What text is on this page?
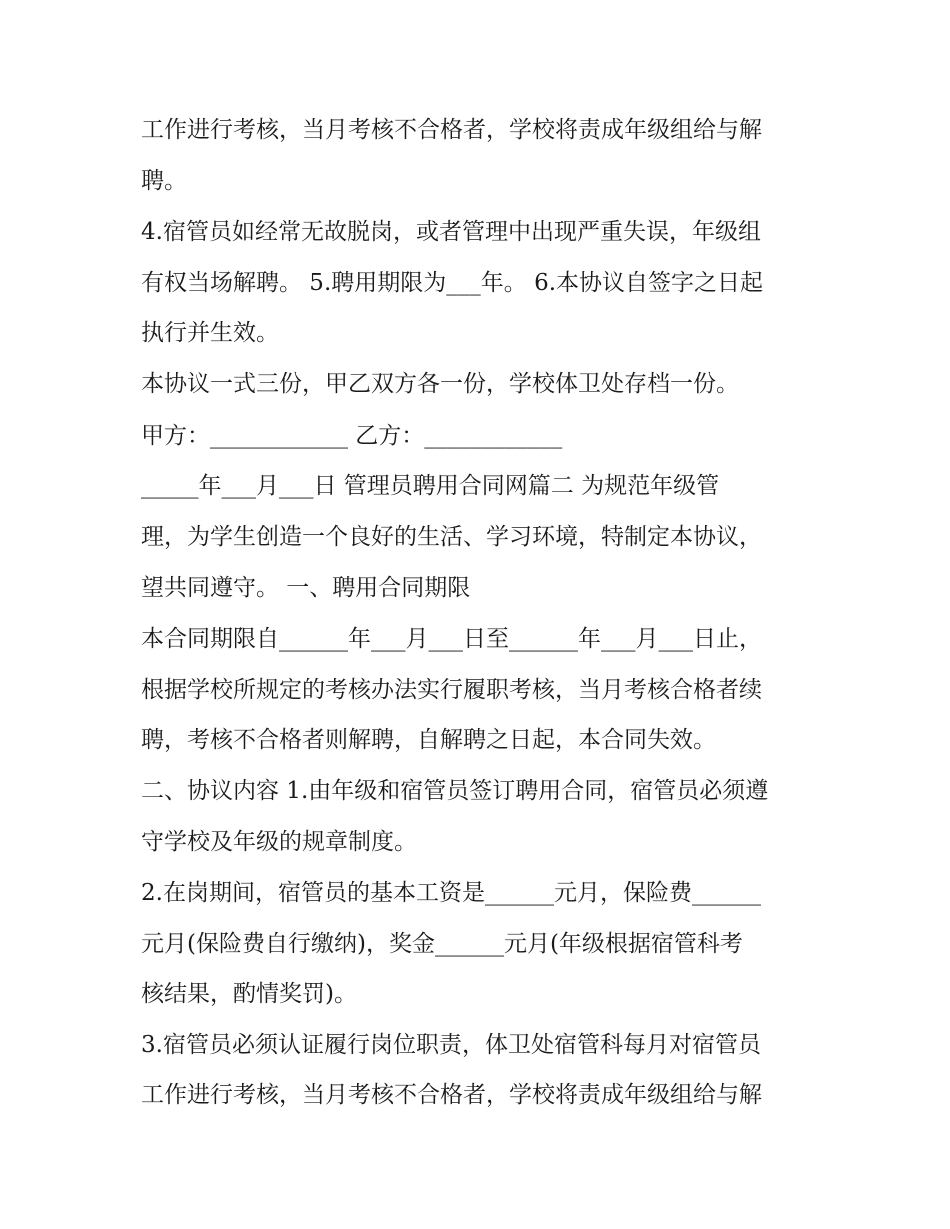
工作进行考核，当月考核不合格者，学校将责成年级组给与解
聘。
4.宿管员如经常无故脱岗，或者管理中出现严重失误，年级组
有权当场解聘。 5.聘用期限为___年。 6.本协议自签字之日起
执行并生效。
本协议一式三份，甲乙双方各一份，学校体卫处存档一份。
甲方：____________ 乙方：____________
_____年___月___日 管理员聘用合同网篇二 为规范年级管
理，为学生创造一个良好的生活、学习环境，特制定本协议，
望共同遵守。 一、聘用合同期限
本合同期限自______年___月___日至______年___月___日止，
根据学校所规定的考核办法实行履职考核，当月考核合格者续
聘，考核不合格者则解聘，自解聘之日起，本合同失效。
二、协议内容 1.由年级和宿管员签订聘用合同，宿管员必须遵
守学校及年级的规章制度。
2.在岗期间，宿管员的基本工资是______元月，保险费______
元月(保险费自行缴纳)，奖金______元月(年级根据宿管科考
核结果，酌情奖罚)。
3.宿管员必须认证履行岗位职责，体卫处宿管科每月对宿管员
工作进行考核，当月考核不合格者，学校将责成年级组给与解
